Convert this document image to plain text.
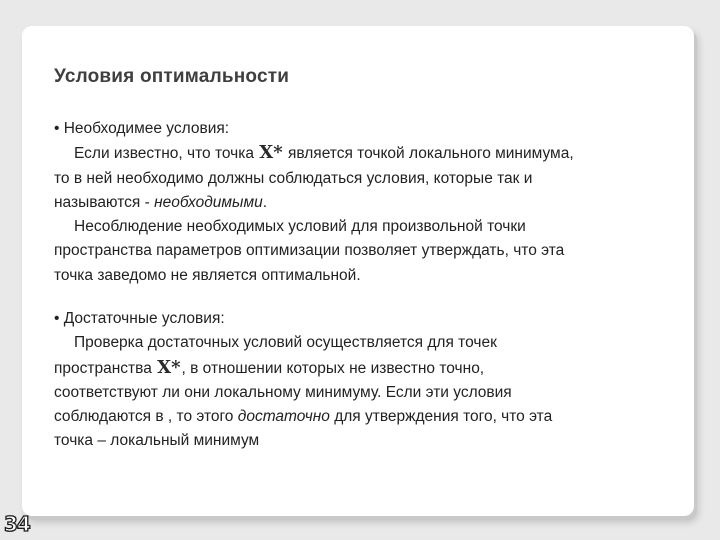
Условия оптимальности
• Необходимее условия:
Если известно, что точка X* является точкой локального минимума,
то в ней необходимо должны соблюдаться условия, которые так и
называются - необходимыми.
Несоблюдение необходимых условий для произвольной точки
пространства параметров оптимизации позволяет утверждать, что эта
точка заведомо не является оптимальной.
• Достаточные условия:
Проверка достаточных условий осуществляется для точек
пространства X*, в отношении которых не известно точно,
соответствуют ли они локальному минимуму. Если эти условия
соблюдаются в , то этого достаточно для утверждения того, что эта
точка – локальный минимум
34
